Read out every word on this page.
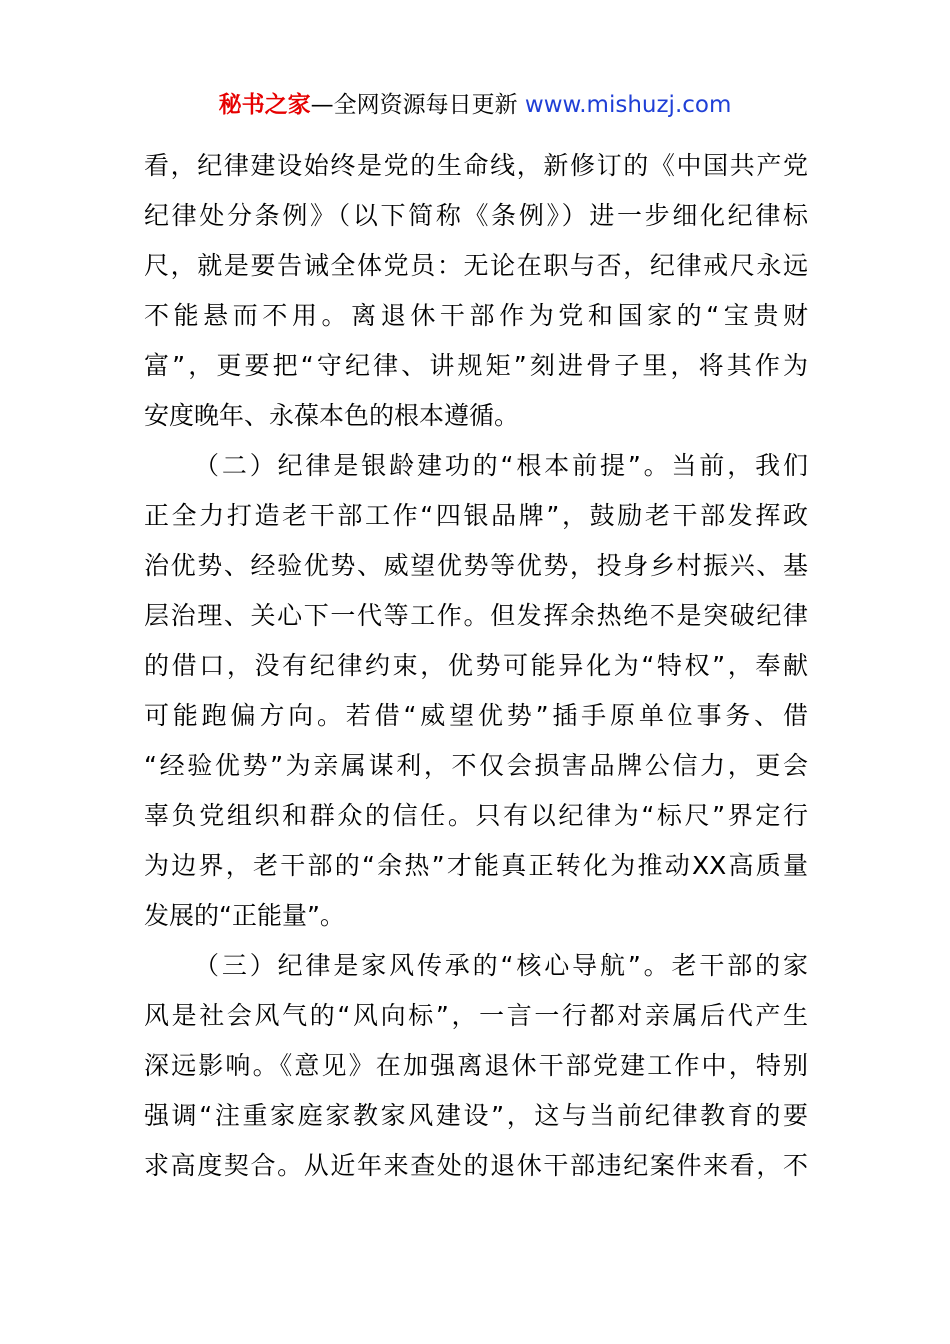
秘书之家—全网资源每日更新 www.mishuzj.com
看，纪律建设始终是党的生命线，新修订的《中国共产党
纪律处分条例》（以下简称《条例》）进一步细化纪律标
尺，就是要告诫全体党员：无论在职与否，纪律戒尺永远
不能悬而不用。离退休干部作为党和国家的“宝贵财
富”，更要把“守纪律、讲规矩”刻进骨子里，将其作为
安度晚年、永葆本色的根本遵循。
（二）纪律是银龄建功的“根本前提”。当前，我们
正全力打造老干部工作“四银品牌”，鼓励老干部发挥政
治优势、经验优势、威望优势等优势，投身乡村振兴、基
层治理、关心下一代等工作。但发挥余热绝不是突破纪律
的借口，没有纪律约束，优势可能异化为“特权”，奉献
可能跑偏方向。若借“威望优势”插手原单位事务、借
“经验优势”为亲属谋利，不仅会损害品牌公信力，更会
辜负党组织和群众的信任。只有以纪律为“标尺”界定行
为边界，老干部的“余热”才能真正转化为推动XX高质量
发展的“正能量”。
（三）纪律是家风传承的“核心导航”。老干部的家
风是社会风气的“风向标”，一言一行都对亲属后代产生
深远影响。《意见》在加强离退休干部党建工作中，特别
强调“注重家庭家教家风建设”，这与当前纪律教育的要
求高度契合。从近年来查处的退休干部违纪案件来看，不
